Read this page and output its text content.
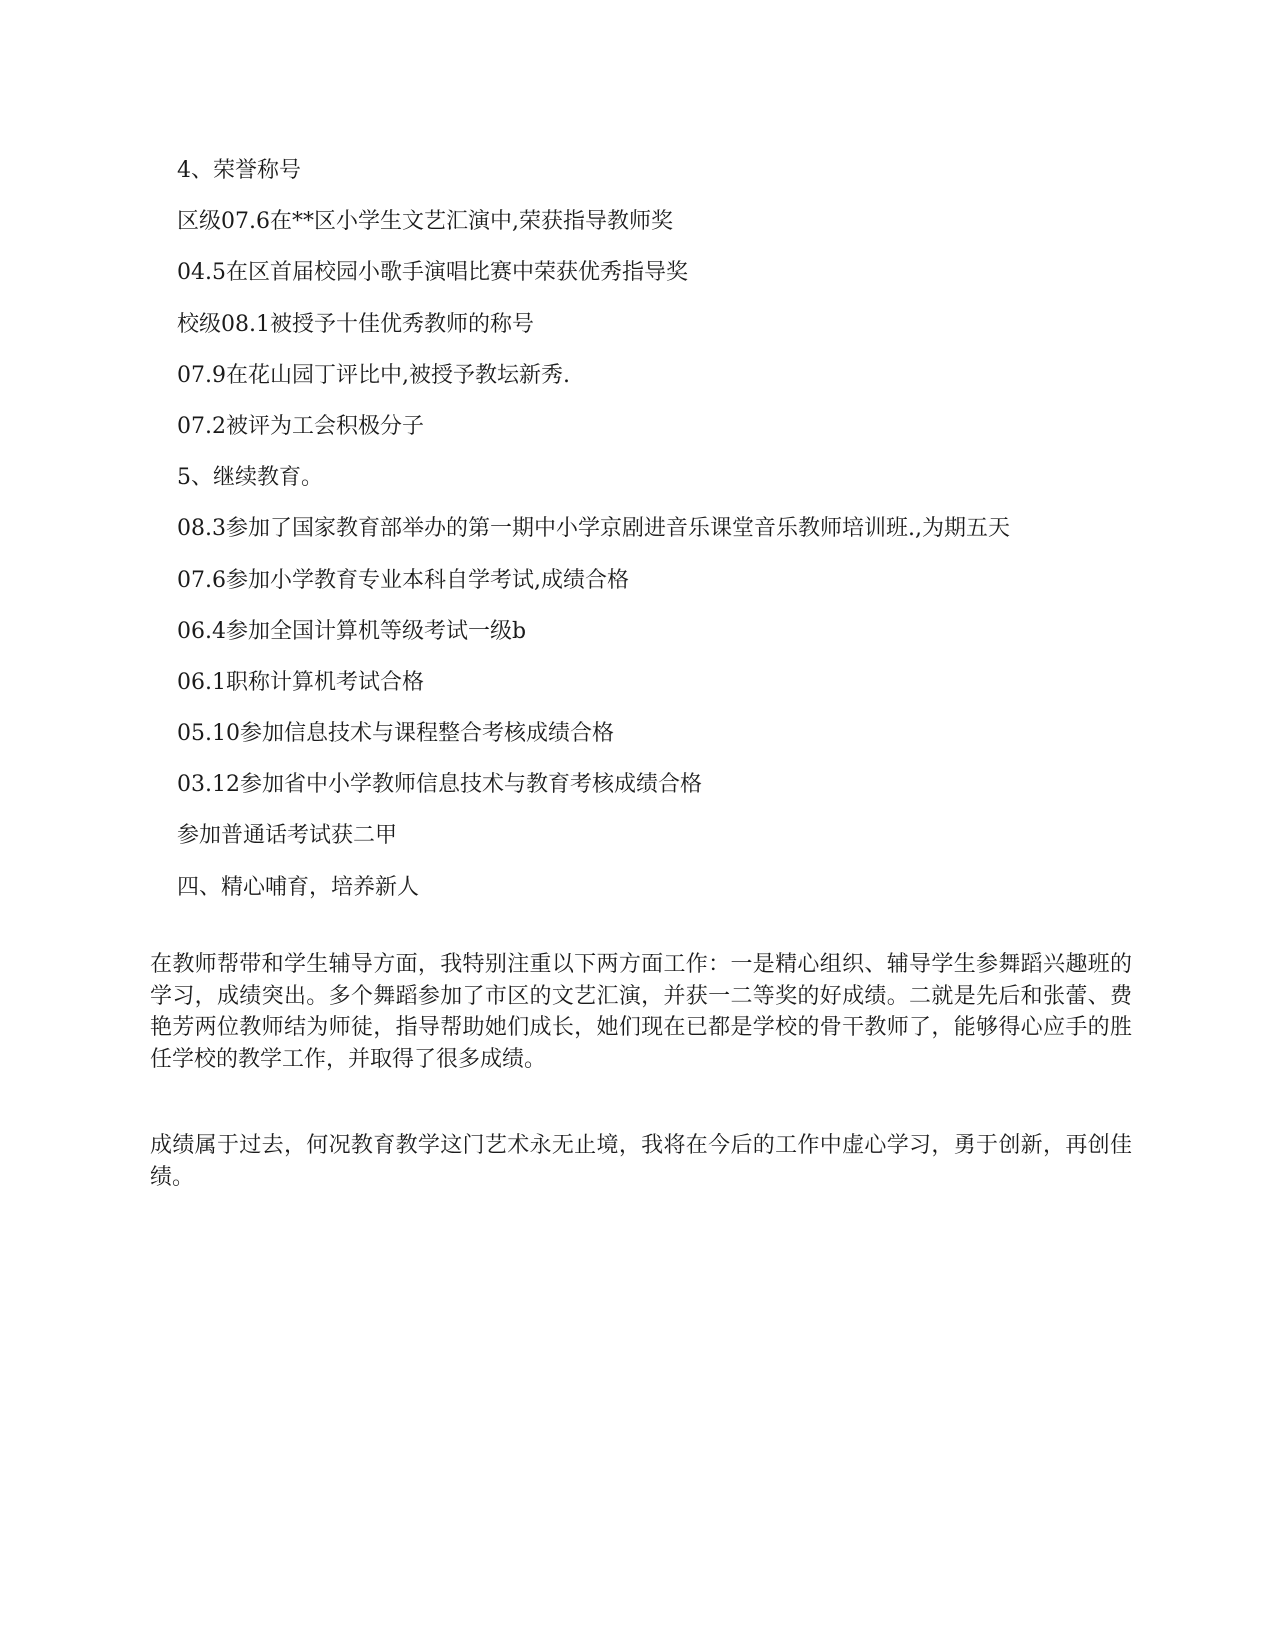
4、荣誉称号
区级07.6在**区小学生文艺汇演中,荣获指导教师奖
04.5在区首届校园小歌手演唱比赛中荣获优秀指导奖
校级08.1被授予十佳优秀教师的称号
07.9在花山园丁评比中,被授予教坛新秀.
07.2被评为工会积极分子
5、继续教育。
08.3参加了国家教育部举办的第一期中小学京剧进音乐课堂音乐教师培训班.,为期五天
07.6参加小学教育专业本科自学考试,成绩合格
06.4参加全国计算机等级考试一级b
06.1职称计算机考试合格
05.10参加信息技术与课程整合考核成绩合格
03.12参加省中小学教师信息技术与教育考核成绩合格
参加普通话考试获二甲
四、精心哺育，培养新人

在教师帮带和学生辅导方面，我特别注重以下两方面工作：一是精心组织、辅导学生参舞蹈兴趣班的学习，成绩突出。多个舞蹈参加了市区的文艺汇演，并获一二等奖的好成绩。二就是先后和张蕾、费艳芳两位教师结为师徒，指导帮助她们成长，她们现在已都是学校的骨干教师了，能够得心应手的胜任学校的教学工作，并取得了很多成绩。

成绩属于过去，何况教育教学这门艺术永无止境，我将在今后的工作中虚心学习，勇于创新，再创佳绩。
